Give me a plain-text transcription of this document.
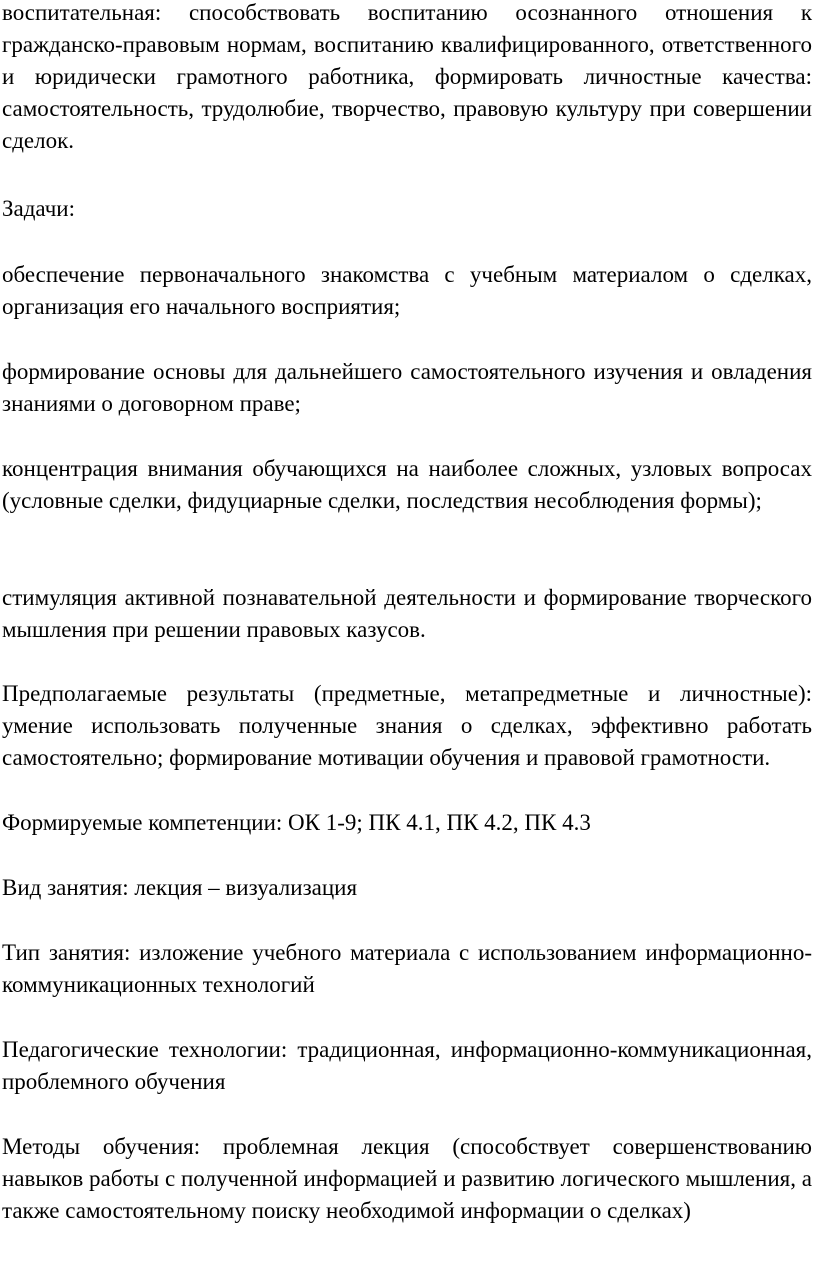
воспитательная: способствовать воспитанию осознанного отношения к гражданско-правовым нормам, воспитанию квалифицированного, ответственного и юридически грамотного работника, формировать личностные качества: самостоятельность, трудолюбие, творчество, правовую культуру при совершении сделок.

Задачи:

обеспечение первоначального знакомства с учебным материалом о сделках, организация его начального восприятия;

формирование основы для дальнейшего самостоятельного изучения и овладения знаниями о договорном праве;

концентрация внимания обучающихся на наиболее сложных, узловых вопросах (условные сделки, фидуциарные сделки, последствия несоблюдения формы);

стимуляция активной познавательной деятельности и формирование творческого мышления при решении правовых казусов.

Предполагаемые результаты (предметные, метапредметные и личностные): умение использовать полученные знания о сделках, эффективно работать самостоятельно; формирование мотивации обучения и правовой грамотности.

Формируемые компетенции: ОК 1-9; ПК 4.1, ПК 4.2, ПК 4.3

Вид занятия: лекция – визуализация

Тип занятия: изложение учебного материала с использованием информационно-коммуникационных технологий

Педагогические технологии: традиционная, информационно-коммуникационная, проблемного обучения

Методы обучения: проблемная лекция (способствует совершенствованию навыков работы с полученной информацией и развитию логического мышления, а также самостоятельному поиску необходимой информации о сделках)
